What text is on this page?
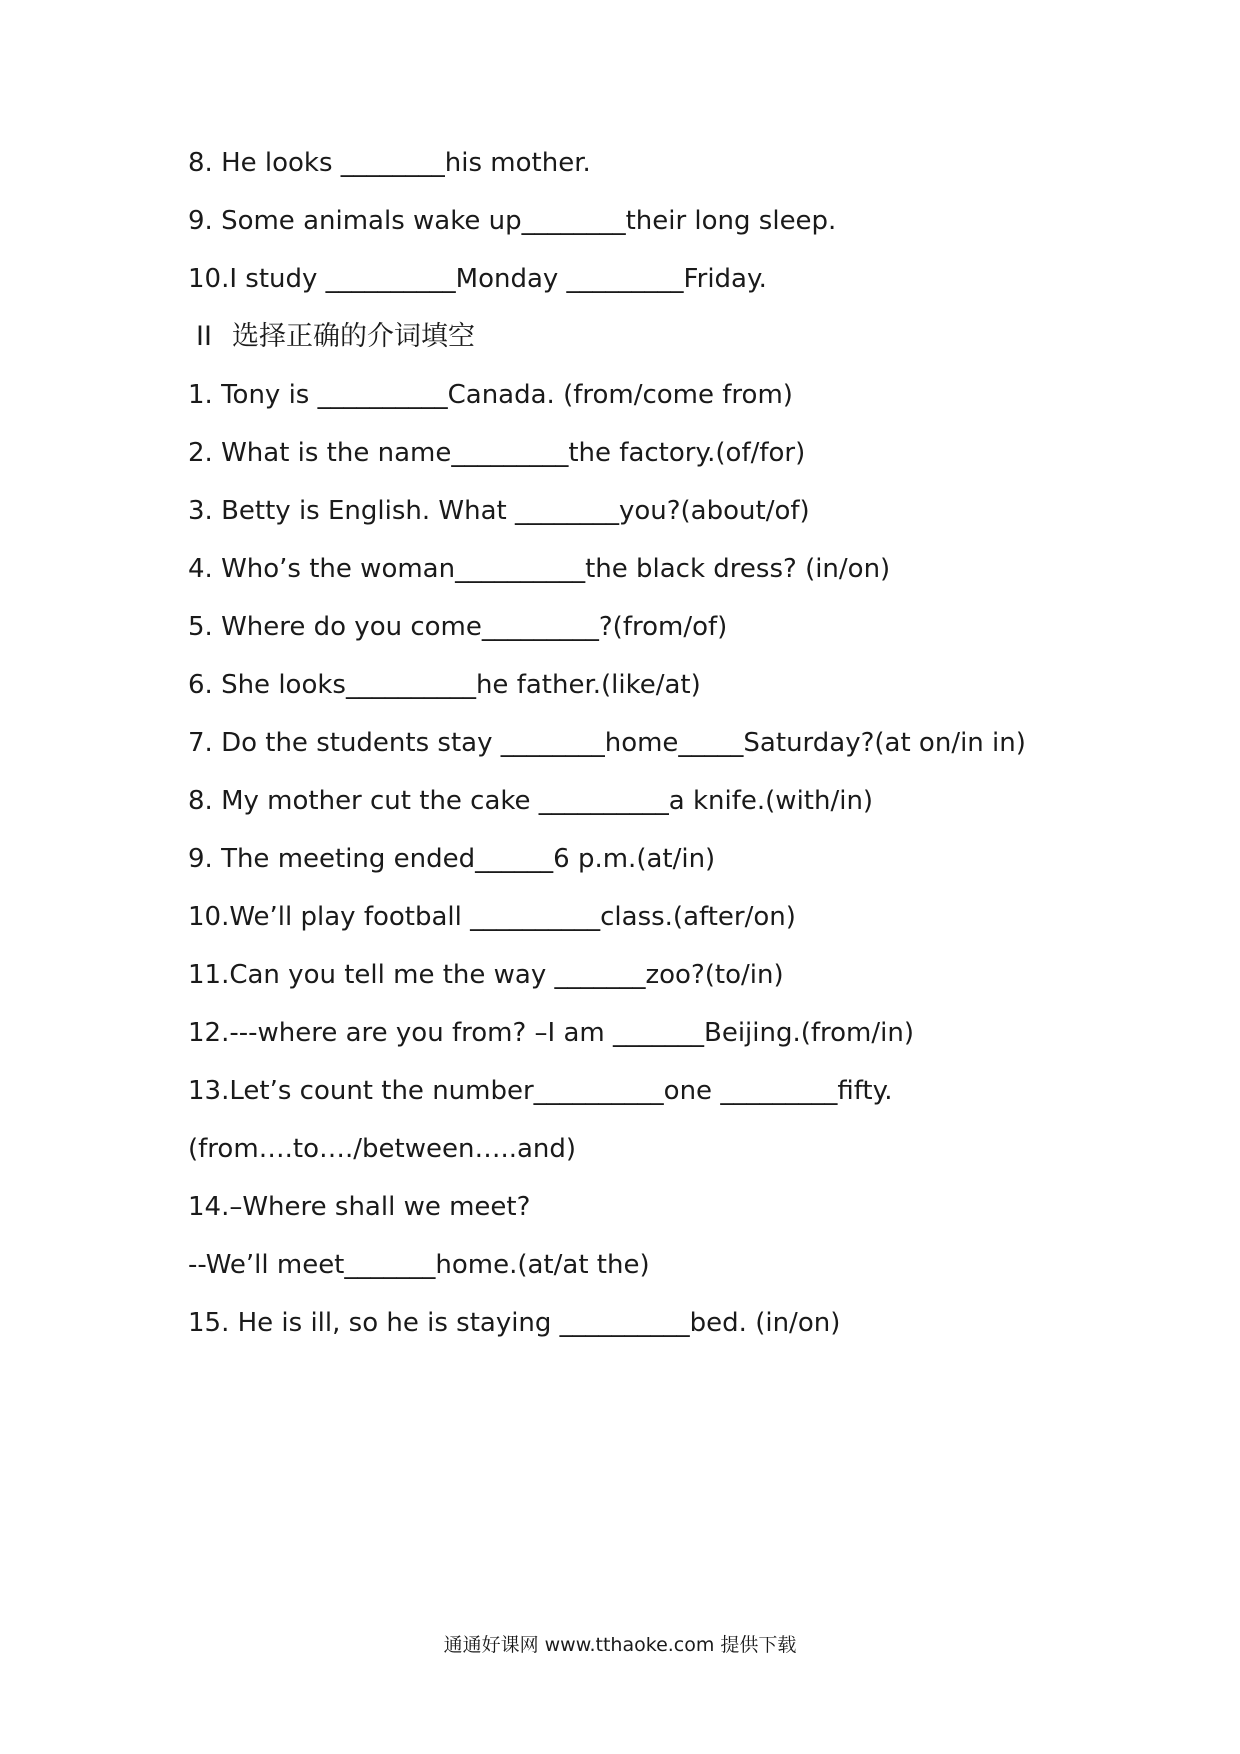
8. He looks ________his mother.
9. Some animals wake up________their long sleep.
10.I study __________Monday _________Friday.
II 选择正确的介词填空
1. Tony is __________Canada. (from/come from)
2. What is the name_________the factory.(of/for)
3. Betty is English. What ________you?(about/of)
4. Who’s the woman__________the black dress? (in/on)
5. Where do you come_________?(from/of)
6. She looks__________he father.(like/at)
7. Do the students stay ________home_____Saturday?(at on/in in)
8. My mother cut the cake __________a knife.(with/in)
9. The meeting ended______6 p.m.(at/in)
10.We’ll play football __________class.(after/on)
11.Can you tell me the way _______zoo?(to/in)
12.---where are you from? –I am _______Beijing.(from/in)
13.Let’s count the number__________one _________fifty.
(from….to…./between…..and)
14.–Where shall we meet?
--We’ll meet_______home.(at/at the)
15. He is ill, so he is staying __________bed. (in/on)
通通好课网 www.tthaoke.com 提供下载
